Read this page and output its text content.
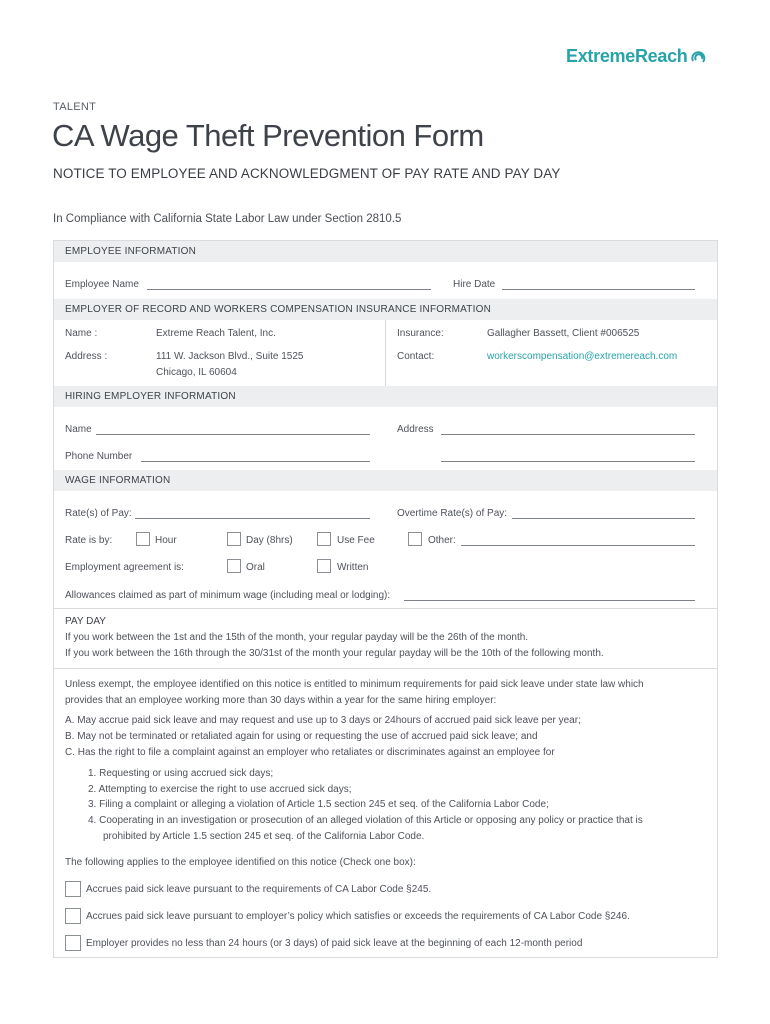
ExtremeReach
TALENT
CA Wage Theft Prevention Form
NOTICE TO EMPLOYEE AND ACKNOWLEDGMENT OF PAY RATE AND PAY DAY
In Compliance with California State Labor Law under Section 2810.5
EMPLOYEE INFORMATION
Employee Name	Hire Date
EMPLOYER OF RECORD AND WORKERS COMPENSATION INSURANCE INFORMATION
Name :	Extreme Reach Talent, Inc.
Address :	111 W. Jackson Blvd., Suite 1525
Chicago, IL 60604
Insurance:	Gallagher Bassett, Client #006525
Contact:	workerscompensation@extremereach.com
HIRING EMPLOYER INFORMATION
Name	Address
Phone Number
WAGE INFORMATION
Rate(s) of Pay:	Overtime Rate(s) of Pay:
Rate is by:	Hour	Day (8hrs)	Use Fee	Other:
Employment agreement is:	Oral	Written
Allowances claimed as part of minimum wage (including meal or lodging):
PAY DAY
If you work between the 1st and the 15th of the month, your regular payday will be the 26th of the month.
If you work between the 16th through the 30/31st of the month your regular payday will be the 10th of the following month.
Unless exempt, the employee identified on this notice is entitled to minimum requirements for paid sick leave under state law which
provides that an employee working more than 30 days within a year for the same hiring employer:
A. May accrue paid sick leave and may request and use up to 3 days or 24hours of accrued paid sick leave per year;
B. May not be terminated or retaliated again for using or requesting the use of accrued paid sick leave; and
C. Has the right to file a complaint against an employer who retaliates or discriminates against an employee for
1. Requesting or using accrued sick days;
2. Attempting to exercise the right to use accrued sick days;
3. Filing a complaint or alleging a violation of Article 1.5 section 245 et seq. of the California Labor Code;
4. Cooperating in an investigation or prosecution of an alleged violation of this Article or opposing any policy or practice that is
prohibited by Article 1.5 section 245 et seq. of the California Labor Code.
The following applies to the employee identified on this notice (Check one box):
Accrues paid sick leave pursuant to the requirements of CA Labor Code §245.
Accrues paid sick leave pursuant to employer’s policy which satisfies or exceeds the requirements of CA Labor Code §246.
Employer provides no less than 24 hours (or 3 days) of paid sick leave at the beginning of each 12-month period
